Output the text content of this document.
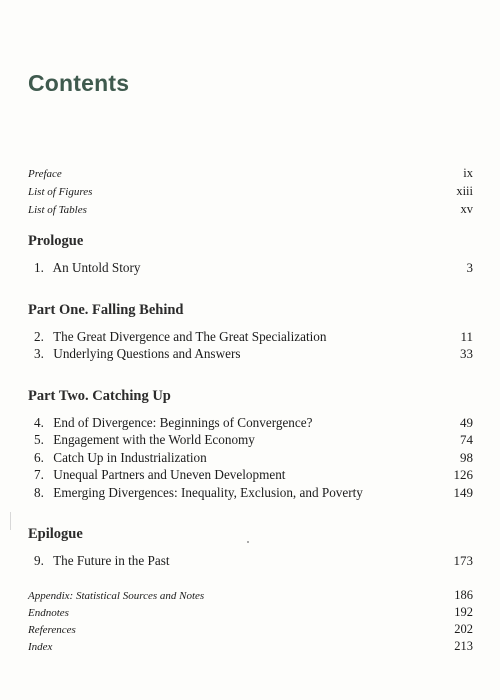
Contents
Preface	ix
List of Figures	xiii
List of Tables	xv
Prologue
1. An Untold Story	3
Part One. Falling Behind
2. The Great Divergence and The Great Specialization	11
3. Underlying Questions and Answers	33
Part Two. Catching Up
4. End of Divergence: Beginnings of Convergence?	49
5. Engagement with the World Economy	74
6. Catch Up in Industrialization	98
7. Unequal Partners and Uneven Development	126
8. Emerging Divergences: Inequality, Exclusion, and Poverty	149
Epilogue
9. The Future in the Past	173
Appendix: Statistical Sources and Notes	186
Endnotes	192
References	202
Index	213
